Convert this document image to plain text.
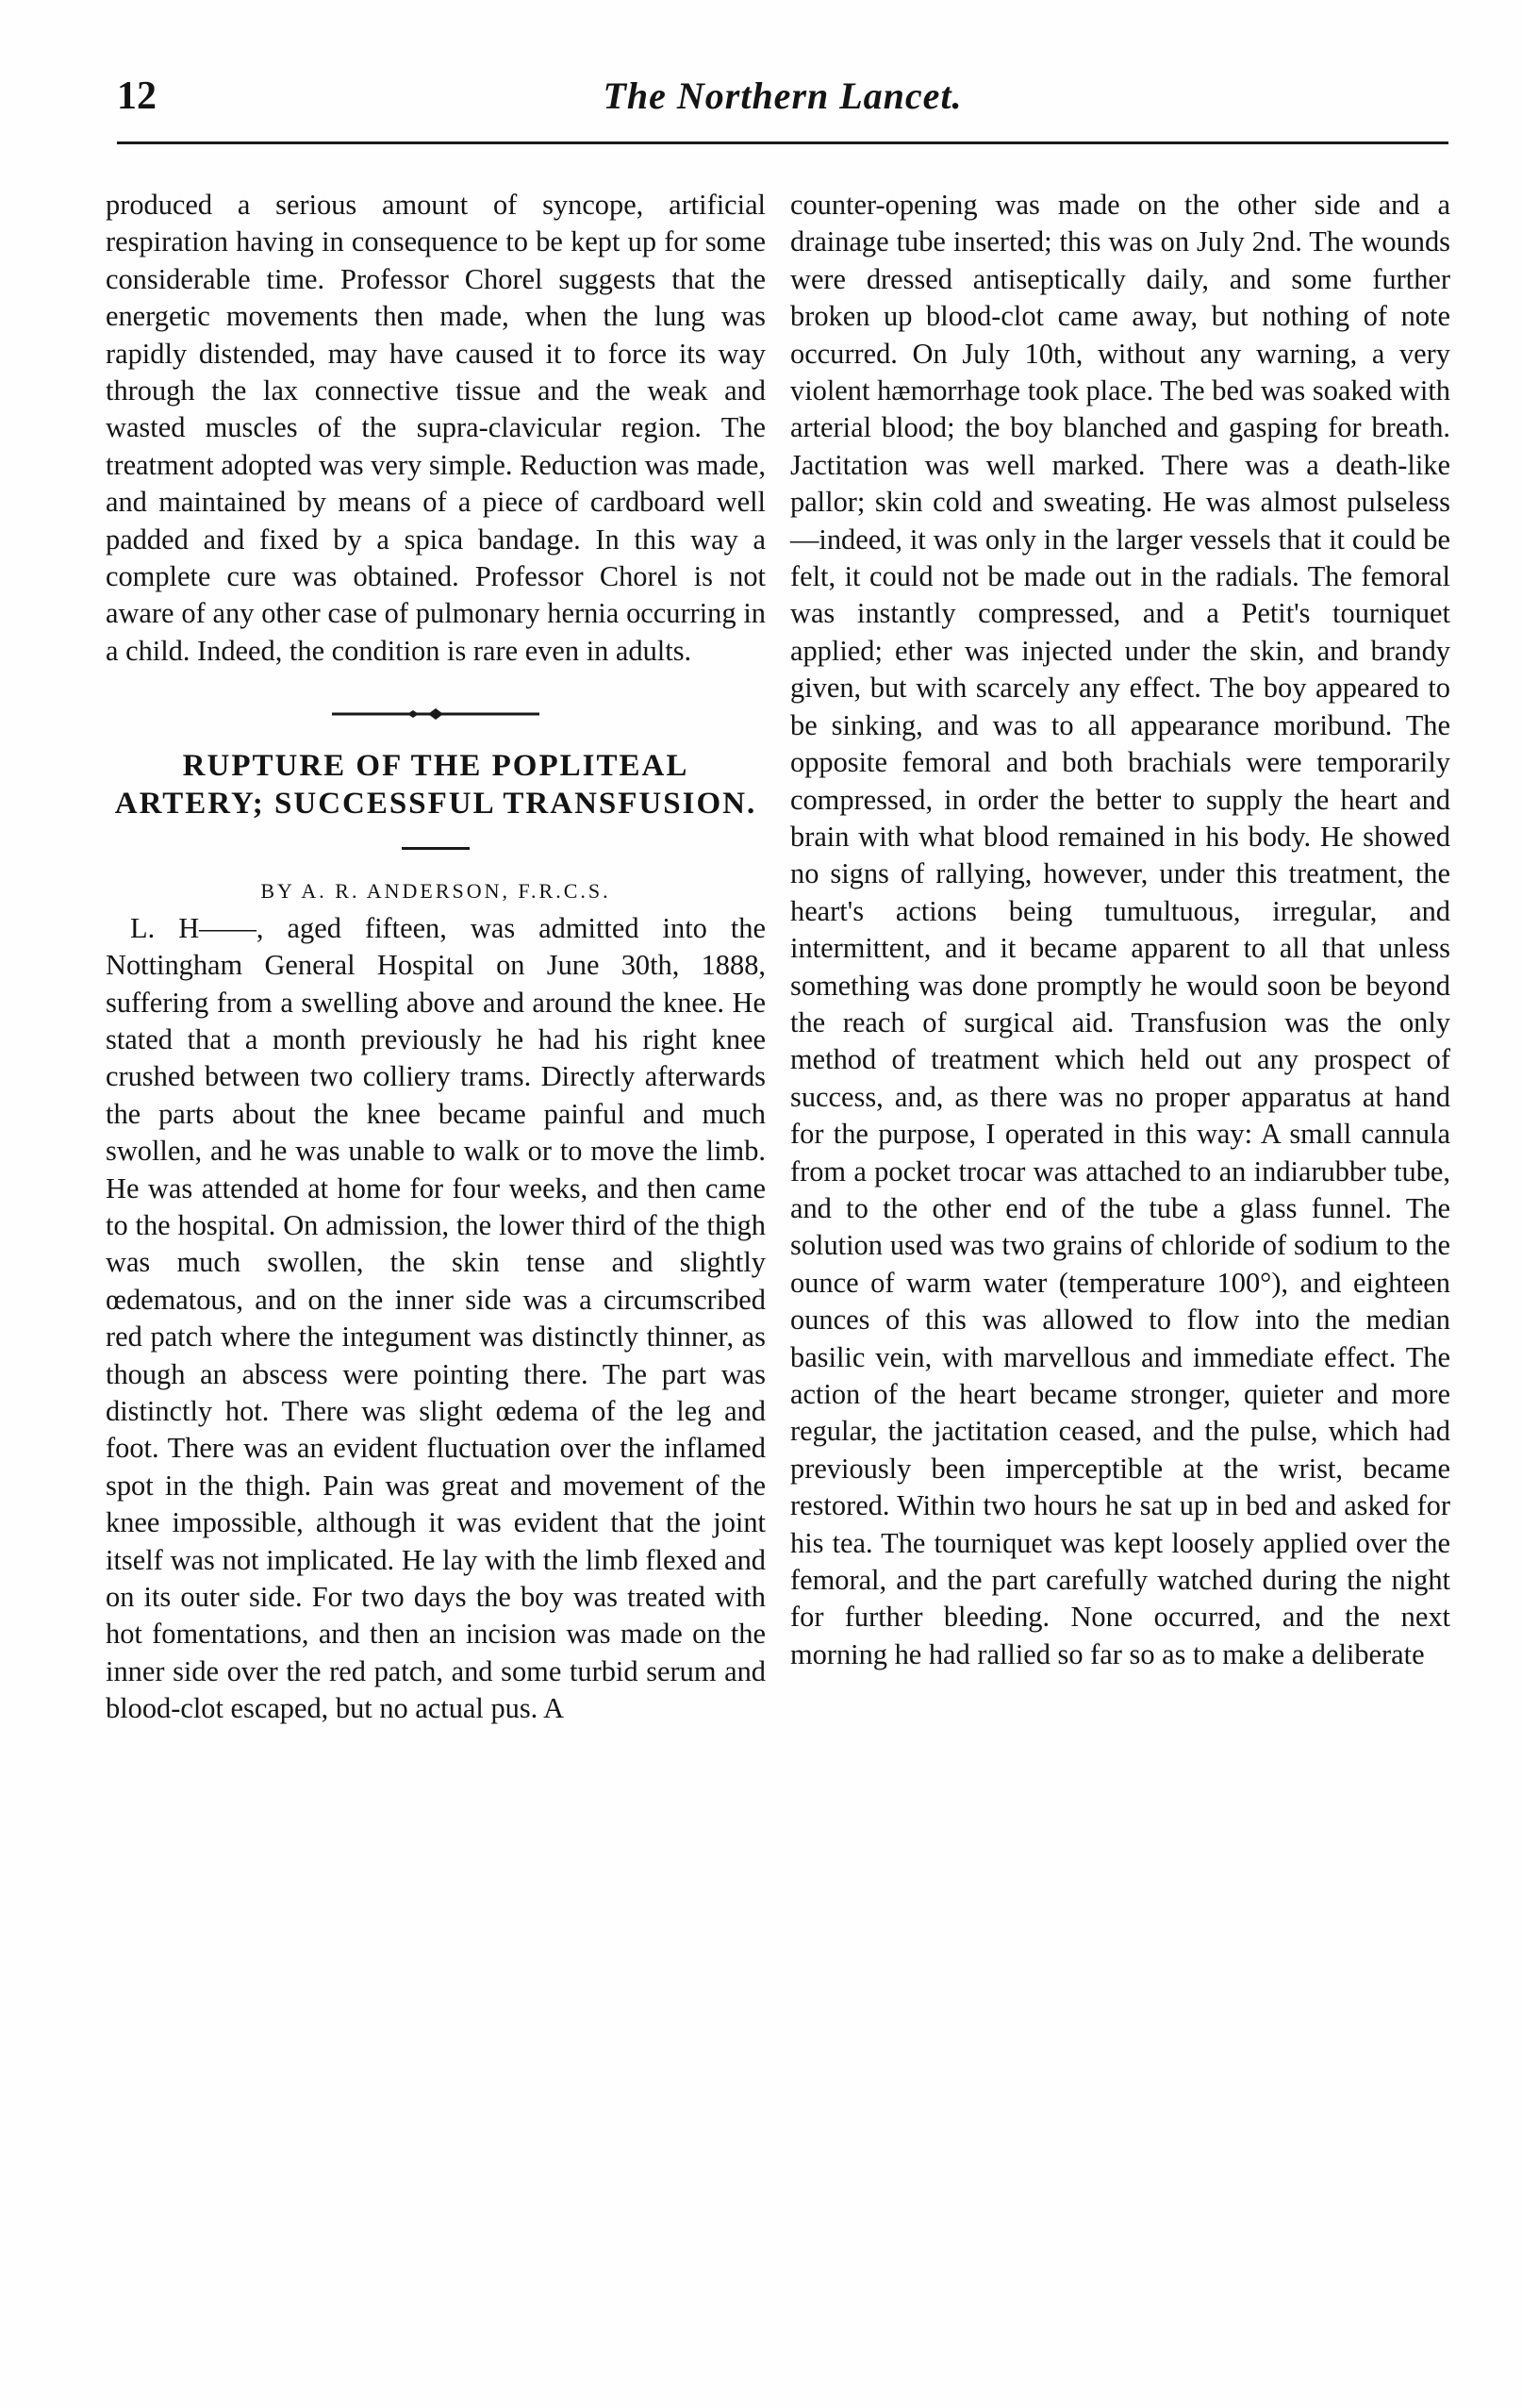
12	The Northern Lancet.

produced a serious amount of syncope, artificial respiration having in consequence to be kept up for some considerable time. Professor Chorel suggests that the energetic movements then made, when the lung was rapidly distended, may have caused it to force its way through the lax connective tissue and the weak and wasted muscles of the supra-clavicular region. The treatment adopted was very simple. Reduction was made, and maintained by means of a piece of cardboard well padded and fixed by a spica bandage. In this way a complete cure was obtained. Professor Chorel is not aware of any other case of pulmonary hernia occurring in a child. Indeed, the condition is rare even in adults.

RUPTURE OF THE POPLITEAL ARTERY; SUCCESSFUL TRANSFUSION.

BY A. R. ANDERSON, F.R.C.S.

L. H——, aged fifteen, was admitted into the Nottingham General Hospital on June 30th, 1888, suffering from a swelling above and around the knee. He stated that a month previously he had his right knee crushed between two colliery trams. Directly afterwards the parts about the knee became painful and much swollen, and he was unable to walk or to move the limb. He was attended at home for four weeks, and then came to the hospital. On admission, the lower third of the thigh was much swollen, the skin tense and slightly œdematous, and on the inner side was a circumscribed red patch where the integument was distinctly thinner, as though an abscess were pointing there. The part was distinctly hot. There was slight œdema of the leg and foot. There was an evident fluctuation over the inflamed spot in the thigh. Pain was great and movement of the knee impossible, although it was evident that the joint itself was not implicated. He lay with the limb flexed and on its outer side. For two days the boy was treated with hot fomentations, and then an incision was made on the inner side over the red patch, and some turbid serum and blood-clot escaped, but no actual pus. A

counter-opening was made on the other side and a drainage tube inserted; this was on July 2nd. The wounds were dressed antiseptically daily, and some further broken up blood-clot came away, but nothing of note occurred. On July 10th, without any warning, a very violent hæmorrhage took place. The bed was soaked with arterial blood; the boy blanched and gasping for breath. Jactitation was well marked. There was a death-like pallor; skin cold and sweating. He was almost pulseless—indeed, it was only in the larger vessels that it could be felt, it could not be made out in the radials. The femoral was instantly compressed, and a Petit's tourniquet applied; ether was injected under the skin, and brandy given, but with scarcely any effect. The boy appeared to be sinking, and was to all appearance moribund. The opposite femoral and both brachials were temporarily compressed, in order the better to supply the heart and brain with what blood remained in his body. He showed no signs of rallying, however, under this treatment, the heart's actions being tumultuous, irregular, and intermittent, and it became apparent to all that unless something was done promptly he would soon be beyond the reach of surgical aid. Transfusion was the only method of treatment which held out any prospect of success, and, as there was no proper apparatus at hand for the purpose, I operated in this way: A small cannula from a pocket trocar was attached to an indiarubber tube, and to the other end of the tube a glass funnel. The solution used was two grains of chloride of sodium to the ounce of warm water (temperature 100°), and eighteen ounces of this was allowed to flow into the median basilic vein, with marvellous and immediate effect. The action of the heart became stronger, quieter and more regular, the jactitation ceased, and the pulse, which had previously been imperceptible at the wrist, became restored. Within two hours he sat up in bed and asked for his tea. The tourniquet was kept loosely applied over the femoral, and the part carefully watched during the night for further bleeding. None occurred, and the next morning he had rallied so far so as to make a deliberate
